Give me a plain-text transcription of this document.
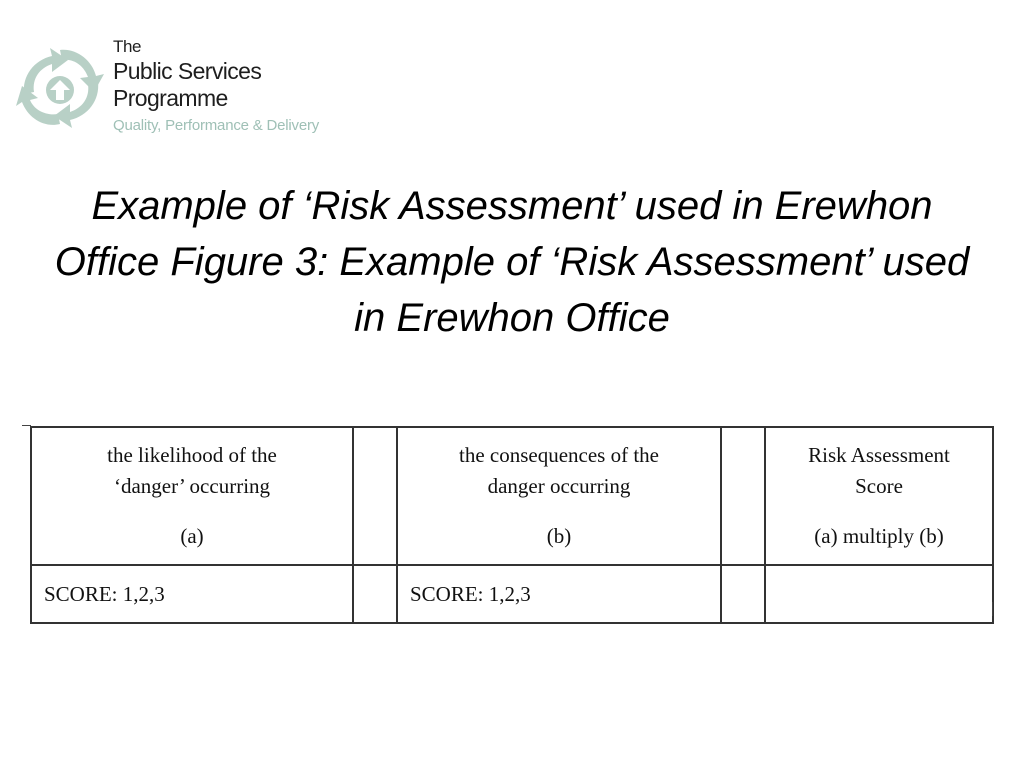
The
Public Services
Programme
Quality, Performance & Delivery
Example of ‘Risk Assessment’ used in Erewhon Office Figure 3: Example of ‘Risk Assessment’ used in Erewhon Office
the likelihood of the ‘danger’ occurring		the consequences of the danger occurring		Risk Assessment Score
(a)		(b)		(a) multiply (b)
SCORE: 1,2,3		SCORE: 1,2,3		
